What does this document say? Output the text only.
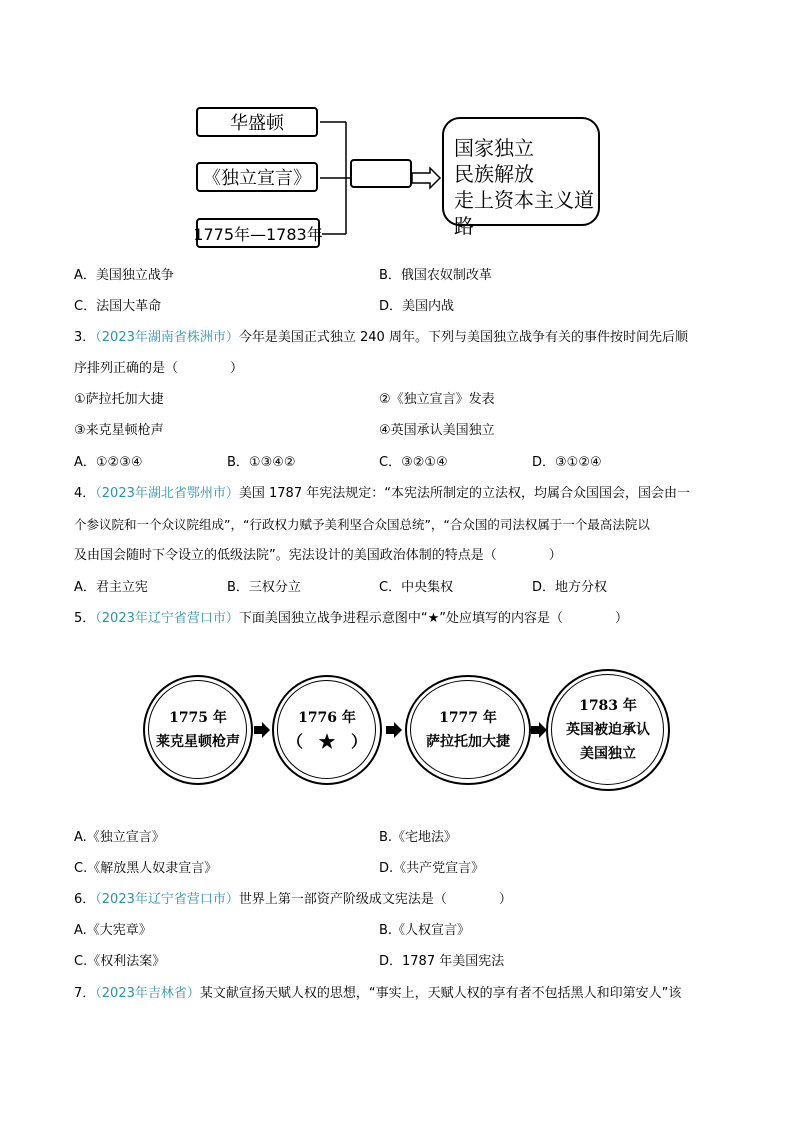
华盛顿
《独立宣言》
1775年—1783年
国家独立
民族解放
走上资本主义道路
A．美国独立战争	B．俄国农奴制改革
C．法国大革命	D．美国内战
3．（2023年湖南省株洲市）今年是美国正式独立 240 周年。下列与美国独立战争有关的事件按时间先后顺
序排列正确的是（　　　　）
①萨拉托加大捷	②《独立宣言》发表
③来克星顿枪声	④英国承认美国独立
A．①②③④	B．①③④②	C．③②①④	D．③①②④
4．（2023年湖北省鄂州市）美国 1787 年宪法规定：“本宪法所制定的立法权，均属合众国国会，国会由一
个参议院和一个众议院组成”，“行政权力赋予美利坚合众国总统”，“合众国的司法权属于一个最高法院以
及由国会随时下令设立的低级法院”。宪法设计的美国政治体制的特点是（　　　　）
A．君主立宪	B．三权分立	C．中央集权	D．地方分权
5．（2023年辽宁省营口市）下面美国独立战争进程示意图中“★”处应填写的内容是（　　　　）
1775 年
莱克星顿枪声
1776 年
（　★　）
1777 年
萨拉托加大捷
1783 年
英国被迫承认
美国独立
A.《独立宣言》	B.《宅地法》
C.《解放黑人奴隶宣言》	D.《共产党宣言》
6．（2023年辽宁省营口市）世界上第一部资产阶级成文宪法是（　　　　）
A.《大宪章》	B.《人权宣言》
C.《权利法案》	D．1787 年美国宪法
7．（2023年吉林省）某文献宣扬天赋人权的思想，“事实上，天赋人权的享有者不包括黑人和印第安人”该
